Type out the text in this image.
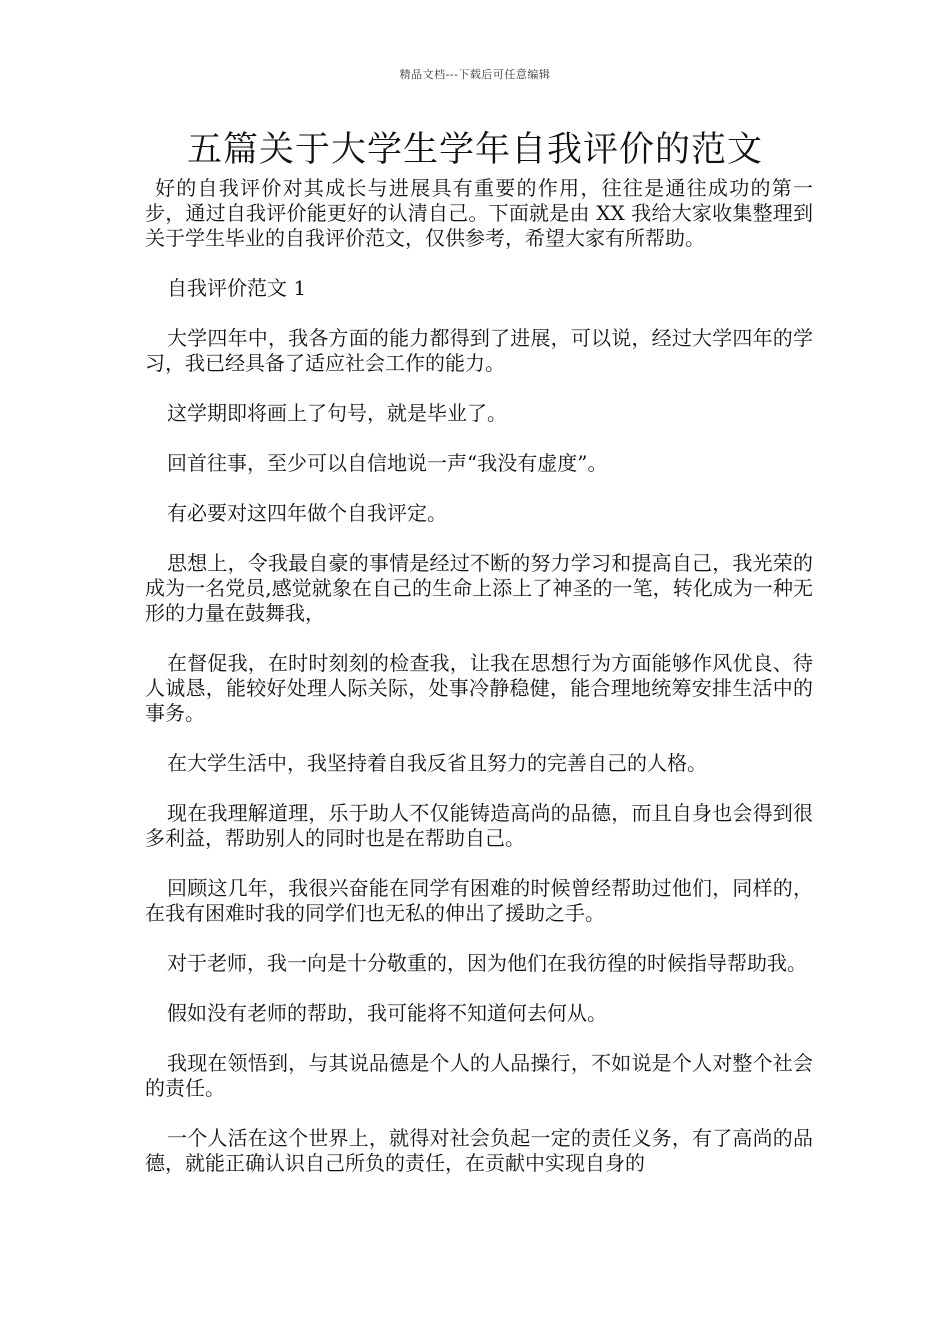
精品文档---下载后可任意编辑
五篇关于大学生学年自我评价的范文

好的自我评价对其成长与进展具有重要的作用，往往是通往成功的第一步，通过自我评价能更好的认清自己。下面就是由 XX 我给大家收集整理到关于学生毕业的自我评价范文，仅供参考，希望大家有所帮助。

自我评价范文 1

大学四年中，我各方面的能力都得到了进展，可以说，经过大学四年的学习，我已经具备了适应社会工作的能力。

这学期即将画上了句号，就是毕业了。

回首往事，至少可以自信地说一声“我没有虚度”。

有必要对这四年做个自我评定。

思想上，令我最自豪的事情是经过不断的努力学习和提高自己，我光荣的成为一名党员,感觉就象在自己的生命上添上了神圣的一笔，转化成为一种无形的力量在鼓舞我，

在督促我，在时时刻刻的检查我，让我在思想行为方面能够作风优良、待人诚恳，能较好处理人际关际，处事冷静稳健，能合理地统筹安排生活中的事务。

在大学生活中，我坚持着自我反省且努力的完善自己的人格。

现在我理解道理，乐于助人不仅能铸造高尚的品德，而且自身也会得到很多利益，帮助别人的同时也是在帮助自己。

回顾这几年，我很兴奋能在同学有困难的时候曾经帮助过他们，同样的，在我有困难时我的同学们也无私的伸出了援助之手。

对于老师，我一向是十分敬重的，因为他们在我彷徨的时候指导帮助我。

假如没有老师的帮助，我可能将不知道何去何从。

我现在领悟到，与其说品德是个人的人品操行，不如说是个人对整个社会的责任。

一个人活在这个世界上，就得对社会负起一定的责任义务，有了高尚的品德，就能正确认识自己所负的责任，在贡献中实现自身的
